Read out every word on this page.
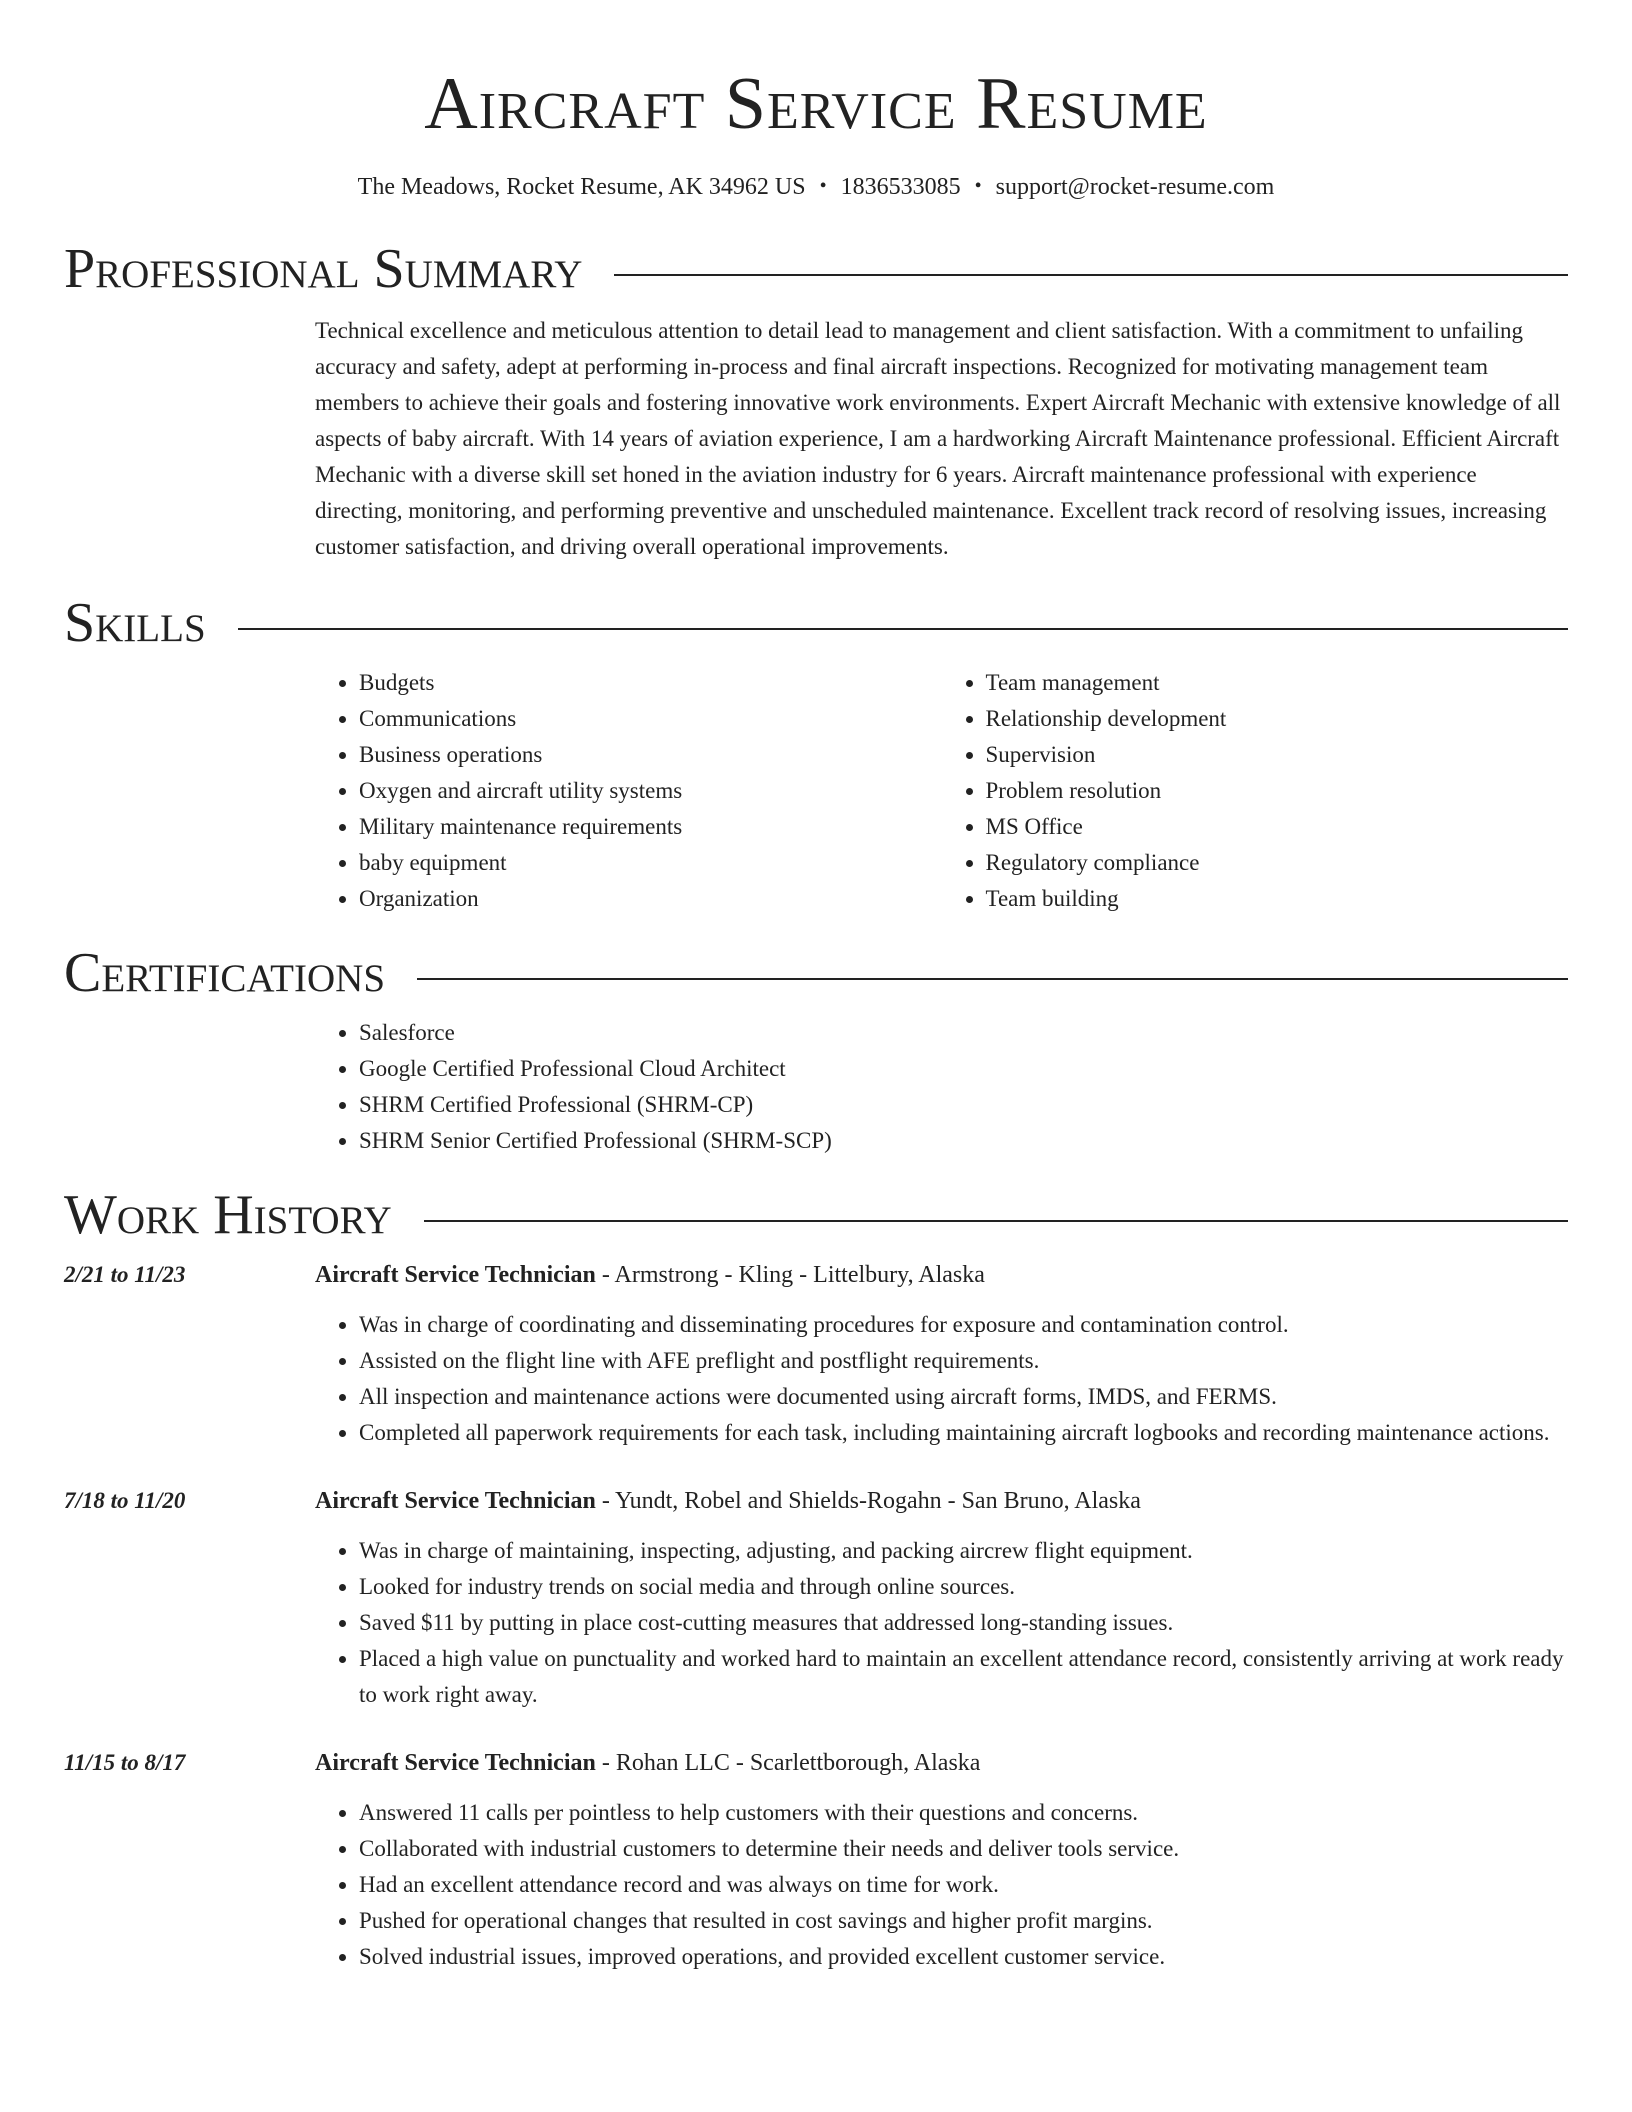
Aircraft Service Resume
The Meadows, Rocket Resume, AK 34962 US • 1836533085 • support@rocket-resume.com
Professional Summary

Technical excellence and meticulous attention to detail lead to management and client satisfaction. With a commitment to unfailing accuracy and safety, adept at performing in-process and final aircraft inspections. Recognized for motivating management team members to achieve their goals and fostering innovative work environments. Expert Aircraft Mechanic with extensive knowledge of all aspects of baby aircraft. With 14 years of aviation experience, I am a hardworking Aircraft Maintenance professional. Efficient Aircraft Mechanic with a diverse skill set honed in the aviation industry for 6 years. Aircraft maintenance professional with experience directing, monitoring, and performing preventive and unscheduled maintenance. Excellent track record of resolving issues, increasing customer satisfaction, and driving overall operational improvements.

Skills
• Budgets
• Communications
• Business operations
• Oxygen and aircraft utility systems
• Military maintenance requirements
• baby equipment
• Organization
• Team management
• Relationship development
• Supervision
• Problem resolution
• MS Office
• Regulatory compliance
• Team building
Certifications
• Salesforce
• Google Certified Professional Cloud Architect
• SHRM Certified Professional (SHRM-CP)
• SHRM Senior Certified Professional (SHRM-SCP)
Work History
2/21 to 11/23	Aircraft Service Technician - Armstrong - Kling - Littelbury, Alaska

• Was in charge of coordinating and disseminating procedures for exposure and contamination control.
• Assisted on the flight line with AFE preflight and postflight requirements.
• All inspection and maintenance actions were documented using aircraft forms, IMDS, and FERMS.
• Completed all paperwork requirements for each task, including maintaining aircraft logbooks and recording maintenance actions.
7/18 to 11/20	Aircraft Service Technician - Yundt, Robel and Shields-Rogahn - San Bruno, Alaska

• Was in charge of maintaining, inspecting, adjusting, and packing aircrew flight equipment.
• Looked for industry trends on social media and through online sources.
• Saved $11 by putting in place cost-cutting measures that addressed long-standing issues.
• Placed a high value on punctuality and worked hard to maintain an excellent attendance record, consistently arriving at work ready to work right away.
11/15 to 8/17	Aircraft Service Technician - Rohan LLC - Scarlettborough, Alaska

• Answered 11 calls per pointless to help customers with their questions and concerns.
• Collaborated with industrial customers to determine their needs and deliver tools service.
• Had an excellent attendance record and was always on time for work.
• Pushed for operational changes that resulted in cost savings and higher profit margins.
• Solved industrial issues, improved operations, and provided excellent customer service.
